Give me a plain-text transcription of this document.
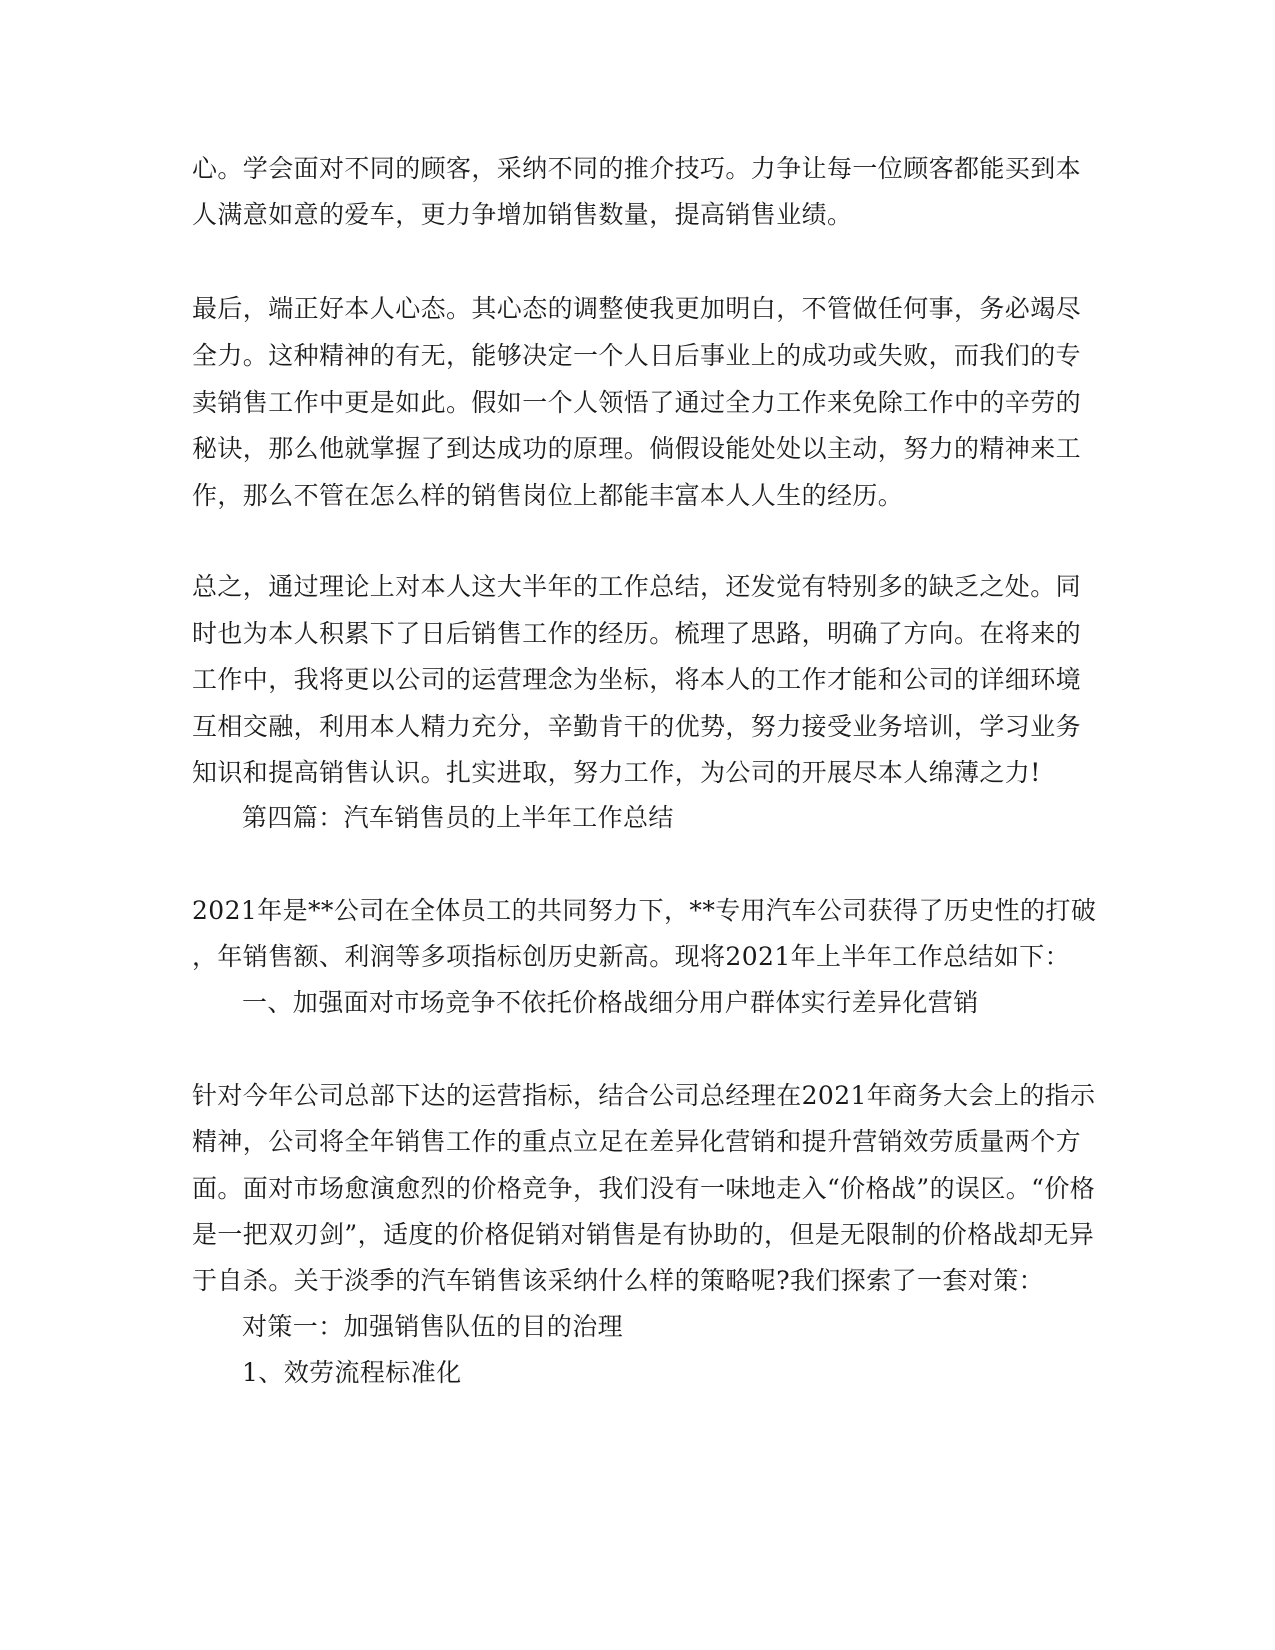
心。学会面对不同的顾客，采纳不同的推介技巧。力争让每一位顾客都能买到本
人满意如意的爱车，更力争增加销售数量，提高销售业绩。
最后，端正好本人心态。其心态的调整使我更加明白，不管做任何事，务必竭尽
全力。这种精神的有无，能够决定一个人日后事业上的成功或失败，而我们的专
卖销售工作中更是如此。假如一个人领悟了通过全力工作来免除工作中的辛劳的
秘诀，那么他就掌握了到达成功的原理。倘假设能处处以主动，努力的精神来工
作，那么不管在怎么样的销售岗位上都能丰富本人人生的经历。
总之，通过理论上对本人这大半年的工作总结，还发觉有特别多的缺乏之处。同
时也为本人积累下了日后销售工作的经历。梳理了思路，明确了方向。在将来的
工作中，我将更以公司的运营理念为坐标，将本人的工作才能和公司的详细环境
互相交融，利用本人精力充分，辛勤肯干的优势，努力接受业务培训，学习业务
知识和提高销售认识。扎实进取，努力工作，为公司的开展尽本人绵薄之力!
第四篇：汽车销售员的上半年工作总结
2021年是**公司在全体员工的共同努力下，**专用汽车公司获得了历史性的打破
，年销售额、利润等多项指标创历史新高。现将2021年上半年工作总结如下：
一、加强面对市场竞争不依托价格战细分用户群体实行差异化营销
针对今年公司总部下达的运营指标，结合公司总经理在2021年商务大会上的指示
精神，公司将全年销售工作的重点立足在差异化营销和提升营销效劳质量两个方
面。面对市场愈演愈烈的价格竞争，我们没有一味地走入“价格战”的误区。“价格
是一把双刃剑”，适度的价格促销对销售是有协助的，但是无限制的价格战却无异
于自杀。关于淡季的汽车销售该采纳什么样的策略呢?我们探索了一套对策：
对策一：加强销售队伍的目的治理
1、效劳流程标准化
